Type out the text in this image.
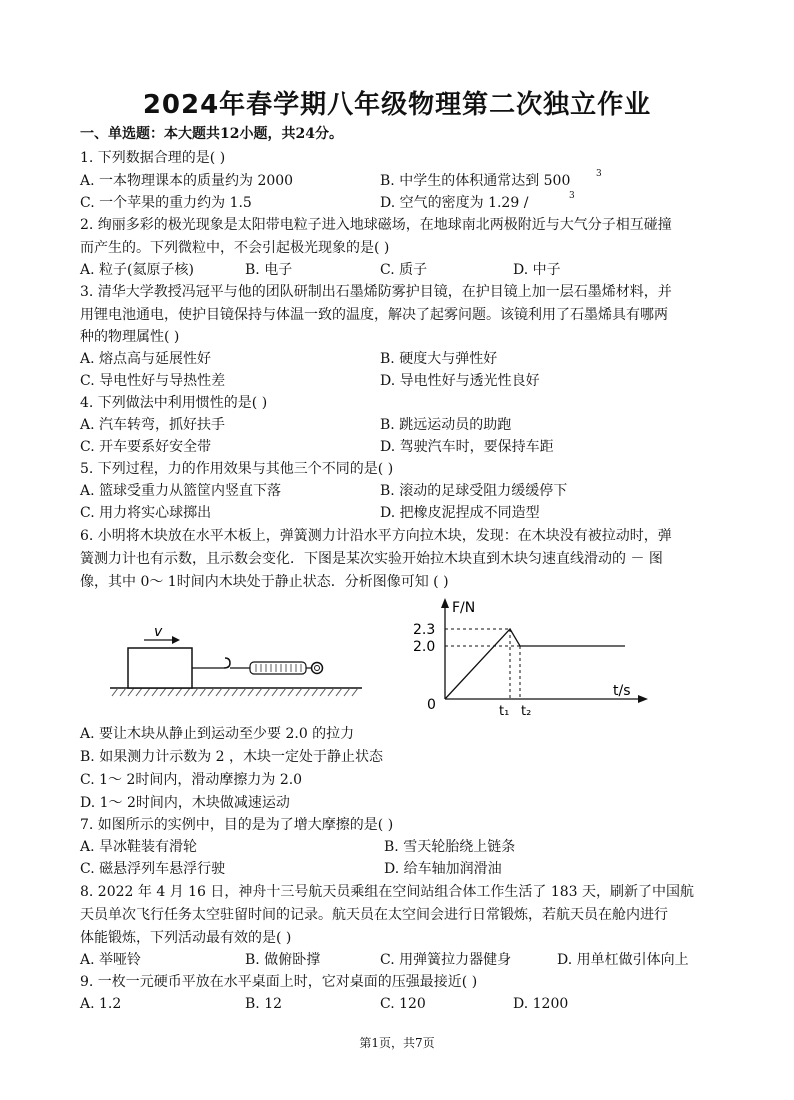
2024年春学期八年级物理第二次独立作业
一、单选题：本大题共12小题，共24分。
1. 下列数据合理的是( )
A. 一本物理课本的质量约为 2000	B. 中学生的体积通常达到 500	3
C. 一个苹果的重力约为 1.5	D. 空气的密度为 1.29 /	3
2. 绚丽多彩的极光现象是太阳带电粒子进入地球磁场，在地球南北两极附近与大气分子相互碰撞
而产生的。下列微粒中，不会引起极光现象的是( )
A. 粒子(氦原子核)	B. 电子	C. 质子	D. 中子
3. 清华大学教授冯冠平与他的团队研制出石墨烯防雾护目镜，在护目镜上加一层石墨烯材料，并
用锂电池通电，使护目镜保持与体温一致的温度，解决了起雾问题。该镜利用了石墨烯具有哪两
种的物理属性( )
A. 熔点高与延展性好	B. 硬度大与弹性好
C. 导电性好与导热性差	D. 导电性好与透光性良好
4. 下列做法中利用惯性的是( )
A. 汽车转弯，抓好扶手	B. 跳远运动员的助跑
C. 开车要系好安全带	D. 驾驶汽车时，要保持车距
5. 下列过程，力的作用效果与其他三个不同的是( )
A. 篮球受重力从篮筐内竖直下落	B. 滚动的足球受阻力缓缓停下
C. 用力将实心球掷出	D. 把橡皮泥捏成不同造型
6. 小明将木块放在水平木板上，弹簧测力计沿水平方向拉木块，发现：在木块没有被拉动时，弹
簧测力计也有示数，且示数会变化．下图是某次实验开始拉木块直到木块匀速直线滑动的 － 图
像，其中 0～ 1时间内木块处于静止状态．分析图像可知 ( )
v
F/N
t/s
0
2.3
2.0
t₁ t₂
A. 要让木块从静止到运动至少要 2.0 的拉力
B. 如果测力计示数为 2 ，木块一定处于静止状态
C. 1～ 2时间内，滑动摩擦力为 2.0
D. 1～ 2时间内，木块做减速运动
7. 如图所示的实例中，目的是为了增大摩擦的是( )
A. 旱冰鞋装有滑轮	B. 雪天轮胎绕上链条
C. 磁悬浮列车悬浮行驶	D. 给车轴加润滑油
8. 2022 年 4 月 16 日，神舟十三号航天员乘组在空间站组合体工作生活了 183 天，刷新了中国航
天员单次飞行任务太空驻留时间的记录。航天员在太空间会进行日常锻炼，若航天员在舱内进行
体能锻炼，下列活动最有效的是( )
A. 举哑铃	B. 做俯卧撑	C. 用弹簧拉力器健身	D. 用单杠做引体向上
9. 一枚一元硬币平放在水平桌面上时，它对桌面的压强最接近( )
A. 1.2	B. 12	C. 120	D. 1200
第1页，共7页
